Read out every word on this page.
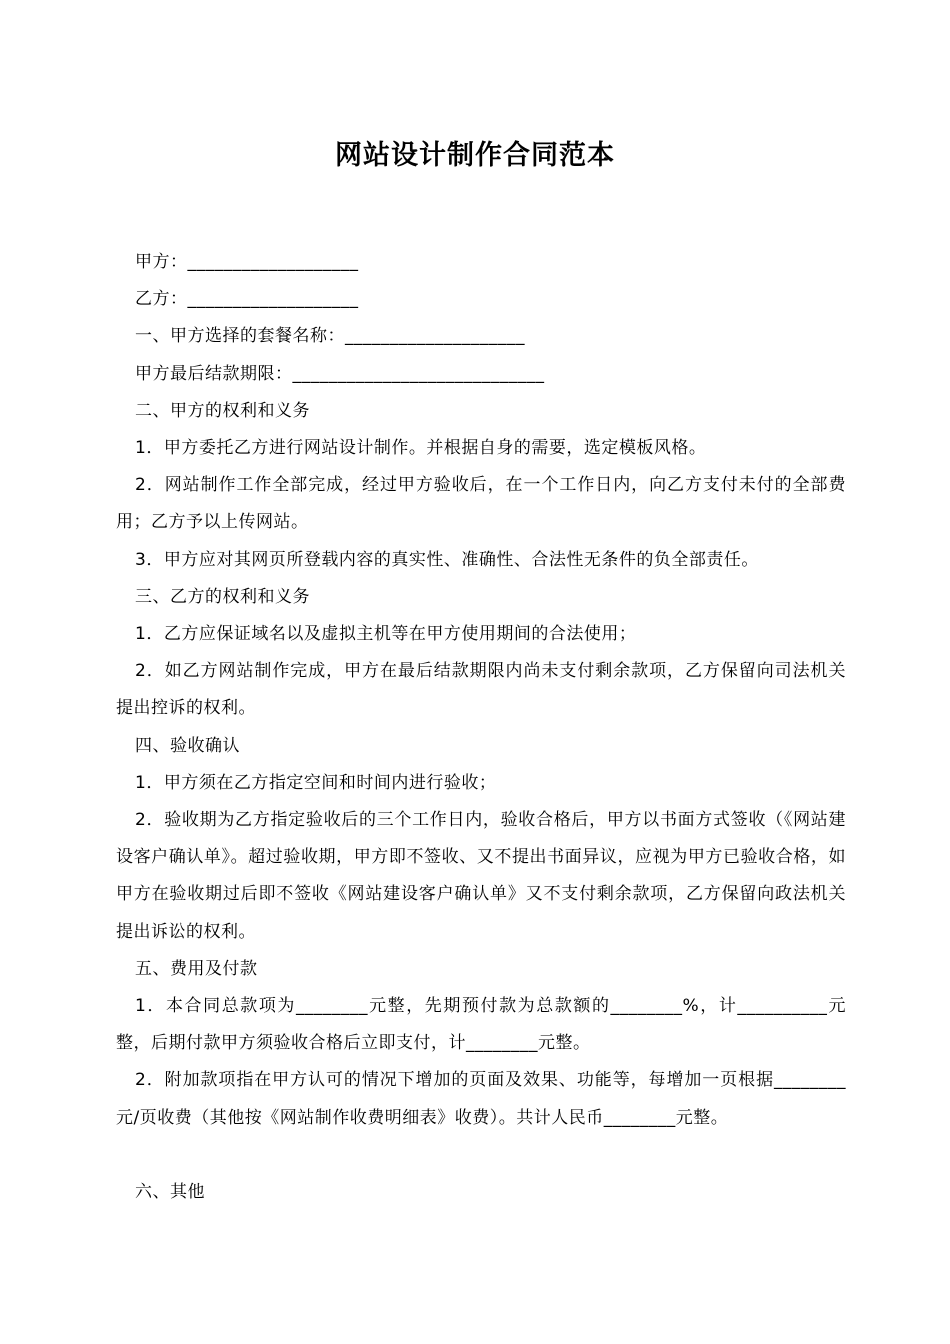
网站设计制作合同范本

甲方：___________________

乙方：___________________

一、甲方选择的套餐名称：____________________

甲方最后结款期限：____________________________

二、甲方的权利和义务

1．甲方委托乙方进行网站设计制作。并根据自身的需要，选定模板风格。

2．网站制作工作全部完成，经过甲方验收后，在一个工作日内，向乙方支付未付的全部费用；乙方予以上传网站。

3．甲方应对其网页所登载内容的真实性、准确性、合法性无条件的负全部责任。

三、乙方的权利和义务

1．乙方应保证域名以及虚拟主机等在甲方使用期间的合法使用；

2．如乙方网站制作完成，甲方在最后结款期限内尚未支付剩余款项，乙方保留向司法机关提出控诉的权利。

四、验收确认

1．甲方须在乙方指定空间和时间内进行验收；

2．验收期为乙方指定验收后的三个工作日内，验收合格后，甲方以书面方式签收（《网站建设客户确认单》。超过验收期，甲方即不签收、又不提出书面异议，应视为甲方已验收合格，如甲方在验收期过后即不签收《网站建设客户确认单》又不支付剩余款项，乙方保留向政法机关提出诉讼的权利。

五、费用及付款

1．本合同总款项为________元整，先期预付款为总款额的________%，计__________元整，后期付款甲方须验收合格后立即支付，计________元整。

2．附加款项指在甲方认可的情况下增加的页面及效果、功能等，每增加一页根据________元/页收费（其他按《网站制作收费明细表》收费）。共计人民币________元整。

六、其他
